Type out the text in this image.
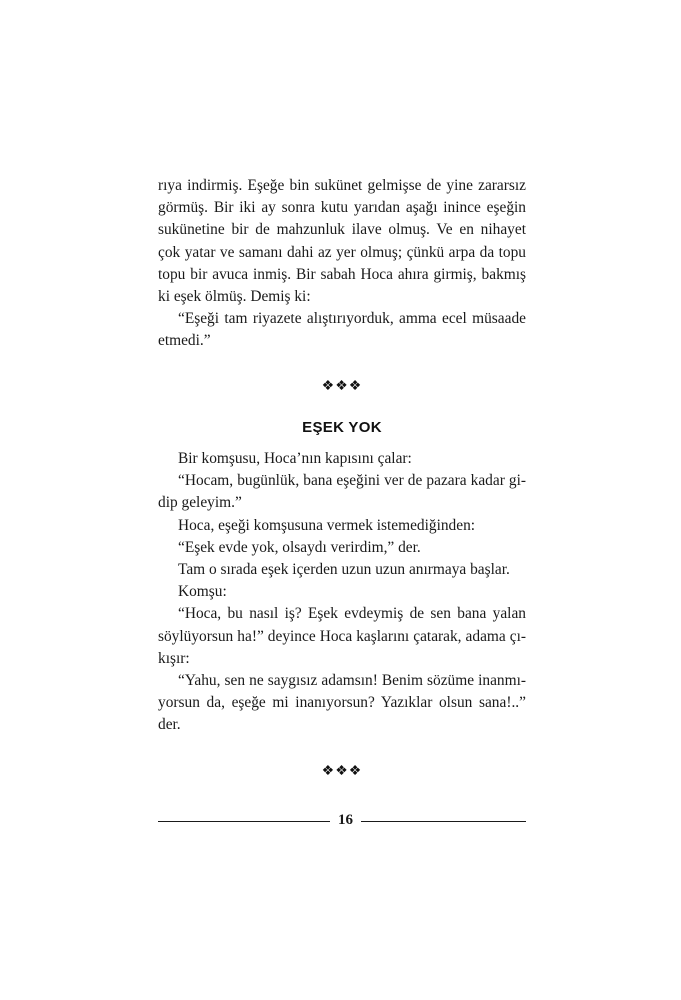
rıya indirmiş. Eşeğe bin sukünet gelmişse de yine zararsız
görmüş. Bir iki ay sonra kutu yarıdan aşağı inince eşeğin
sukünetine bir de mahzunluk ilave olmuş. Ve en nihayet
çok yatar ve samanı dahi az yer olmuş; çünkü arpa da topu
topu bir avuca inmiş. Bir sabah Hoca ahıra girmiş, bakmış
ki eşek ölmüş. Demiş ki:
“Eşeği tam riyazete alıştırıyorduk, amma ecel müsaade
etmedi.”

❖❖❖

EŞEK YOK
Bir komşusu, Hoca’nın kapısını çalar:
“Hocam, bugünlük, bana eşeğini ver de pazara kadar gi-
dip geleyim.”
Hoca, eşeği komşusuna vermek istemediğinden:
“Eşek evde yok, olsaydı verirdim,” der.
Tam o sırada eşek içerden uzun uzun anırmaya başlar.
Komşu:
“Hoca, bu nasıl iş? Eşek evdeymiş de sen bana yalan
söylüyorsun ha!” deyince Hoca kaşlarını çatarak, adama çı-
kışır:
“Yahu, sen ne saygısız adamsın! Benim sözüme inanmı-
yorsun da, eşeğe mi inanıyorsun? Yazıklar olsun sana!..”
der.

❖❖❖

16
